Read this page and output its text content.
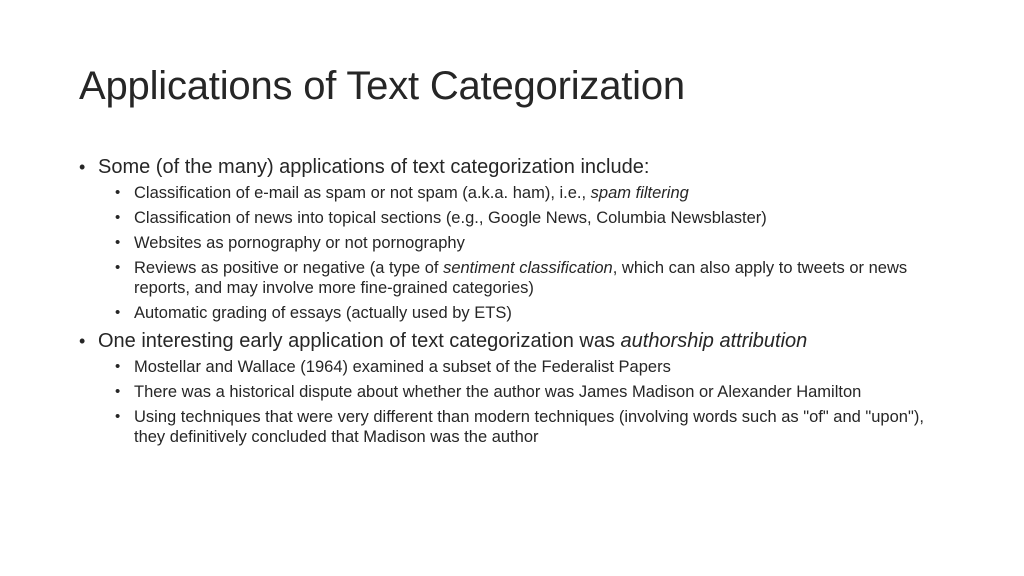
Applications of Text Categorization
• Some (of the many) applications of text categorization include:
• Classification of e-mail as spam or not spam (a.k.a. ham), i.e., spam filtering
• Classification of news into topical sections (e.g., Google News, Columbia Newsblaster)
• Websites as pornography or not pornography
• Reviews as positive or negative (a type of sentiment classification, which can also apply to tweets or news reports, and may involve more fine-grained categories)
• Automatic grading of essays (actually used by ETS)
• One interesting early application of text categorization was authorship attribution
• Mostellar and Wallace (1964) examined a subset of the Federalist Papers
• There was a historical dispute about whether the author was James Madison or Alexander Hamilton
• Using techniques that were very different than modern techniques (involving words such as "of" and "upon"), they definitively concluded that Madison was the author
